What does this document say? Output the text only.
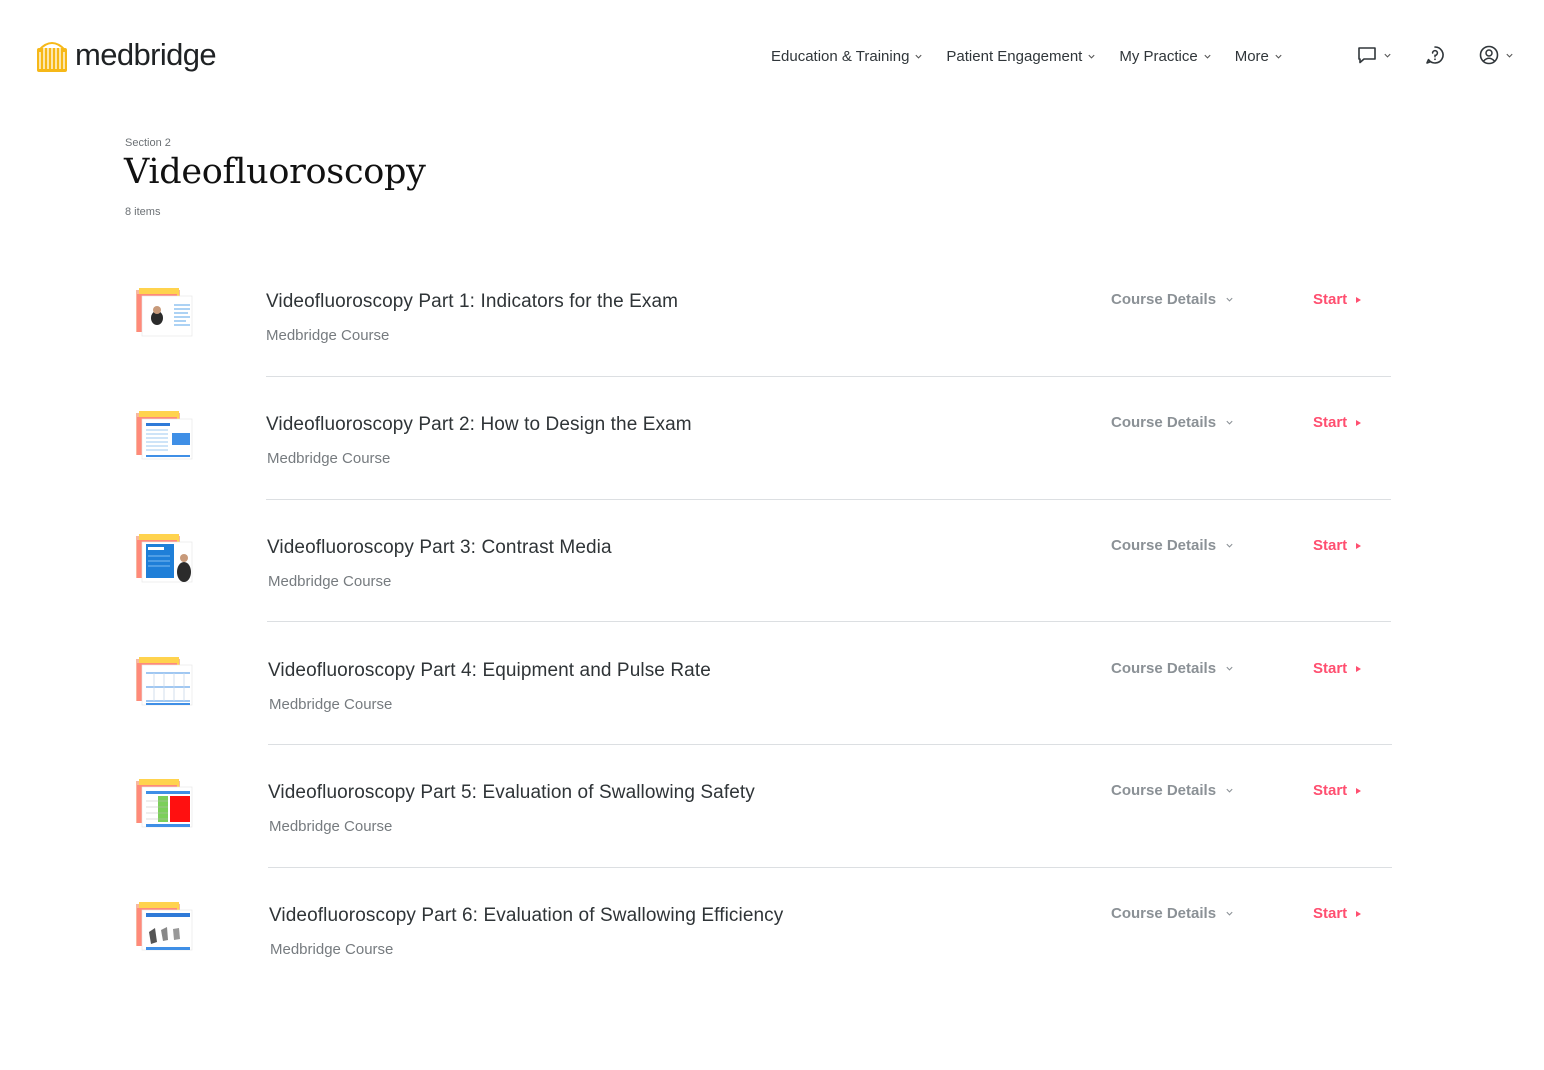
medbridge	Education & Training Patient Engagement My Practice More
Section 2
Videofluoroscopy
8 items
Videofluoroscopy Part 1: Indicators for the Exam
Medbridge Course
Course Details	Start
Videofluoroscopy Part 2: How to Design the Exam
Medbridge Course
Course Details	Start
Videofluoroscopy Part 3: Contrast Media
Medbridge Course
Course Details	Start
Videofluoroscopy Part 4: Equipment and Pulse Rate
Medbridge Course
Course Details	Start
Videofluoroscopy Part 5: Evaluation of Swallowing Safety
Medbridge Course
Course Details	Start
Videofluoroscopy Part 6: Evaluation of Swallowing Efficiency
Medbridge Course
Course Details	Start
